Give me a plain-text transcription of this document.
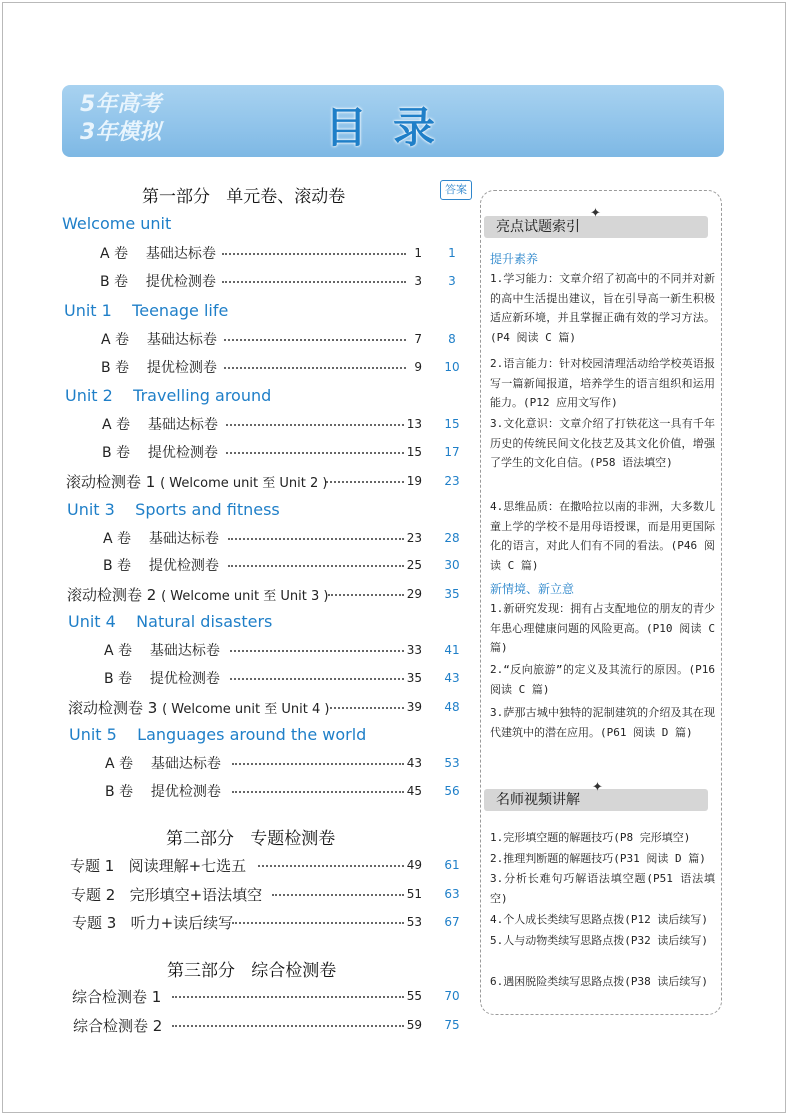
5年高考
3年模拟	目录
第一部分   单元卷、滚动卷	答案
Welcome unit
A 卷    基础达标卷	1	1
B 卷    提优检测卷	3	3
Unit 1    Teenage life
A 卷    基础达标卷	7	8
B 卷    提优检测卷	9	10
Unit 2    Travelling around
A 卷    基础达标卷	13	15
B 卷    提优检测卷	15	17
滚动检测卷 1 ( Welcome unit 至 Unit 2 )	19	23
Unit 3    Sports and fitness
A 卷    基础达标卷	23	28
B 卷    提优检测卷	25	30
滚动检测卷 2 ( Welcome unit 至 Unit 3 )	29	35
Unit 4    Natural disasters
A 卷    基础达标卷	33	41
B 卷    提优检测卷	35	43
滚动检测卷 3 ( Welcome unit 至 Unit 4 )	39	48
Unit 5    Languages around the world
A 卷    基础达标卷	43	53
B 卷    提优检测卷	45	56
第二部分   专题检测卷
专题 1   阅读理解+七选五	49	61
专题 2   完形填空+语法填空	51	63
专题 3   听力+读后续写	53	67
第三部分   综合检测卷
综合检测卷 1	55	70
综合检测卷 2	59	75
亮点试题索引
✦
提升素养
1.学习能力：文章介绍了初高中的不同并对新的高中生活提出建议，旨在引导高一新生积极适应新环境，并且掌握正确有效的学习方法。(P4 阅读 C 篇)
2.语言能力：针对校园清理活动给学校英语报写一篇新闻报道，培养学生的语言组织和运用能力。(P12 应用文写作)
3.文化意识：文章介绍了打铁花这一具有千年历史的传统民间文化技艺及其文化价值，增强了学生的文化自信。(P58 语法填空)
4.思维品质：在撒哈拉以南的非洲，大多数儿童上学的学校不是用母语授课，而是用更国际化的语言，对此人们有不同的看法。(P46 阅读 C 篇)
新情境、新立意
1.新研究发现：拥有占支配地位的朋友的青少年患心理健康问题的风险更高。(P10 阅读 C 篇)
2.“反向旅游”的定义及其流行的原因。(P16 阅读 C 篇)
3.萨那古城中独特的泥制建筑的介绍及其在现代建筑中的潜在应用。(P61 阅读 D 篇)
名师视频讲解
✦
1.完形填空题的解题技巧(P8 完形填空)
2.推理判断题的解题技巧(P31 阅读 D 篇)
3.分析长难句巧解语法填空题(P51 语法填空)
4.个人成长类续写思路点拨(P12 读后续写)
5.人与动物类续写思路点拨(P32 读后续写)
6.遇困脱险类续写思路点拨(P38 读后续写)
